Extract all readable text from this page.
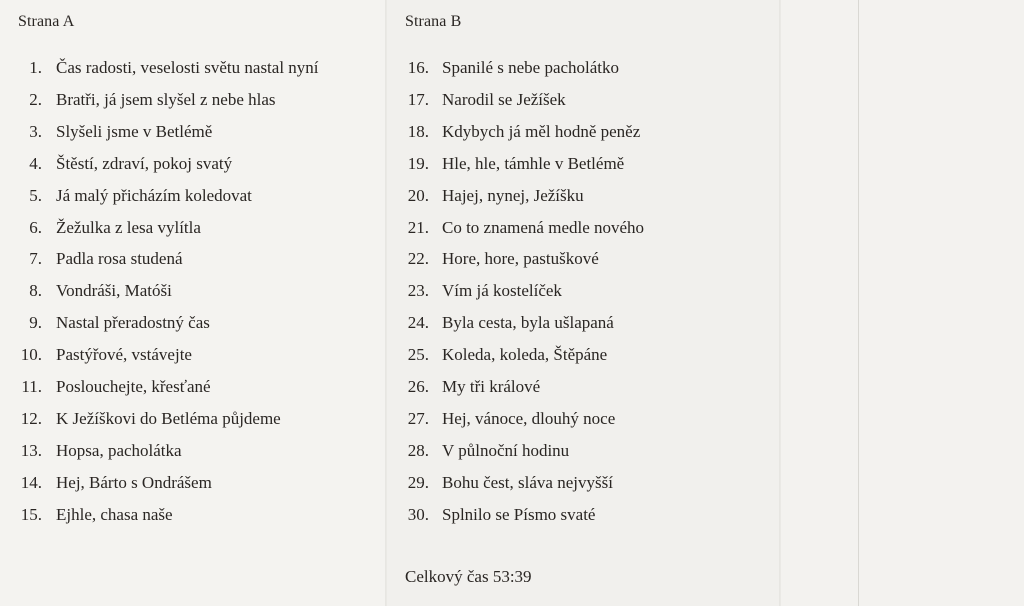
Strana A
1. Čas radosti, veselosti světu nastal nyní
2. Bratři, já jsem slyšel z nebe hlas
3. Slyšeli jsme v Betlémě
4. Štěstí, zdraví, pokoj svatý
5. Já malý přicházím koledovat
6. Žežulka z lesa vylítla
7. Padla rosa studená
8. Vondráši, Matóši
9. Nastal přeradostný čas
10. Pastýřové, vstávejte
11. Poslouchejte, křesťané
12. K Ježíškovi do Betléma půjdeme
13. Hopsa, pacholátka
14. Hej, Bárto s Ondrášem
15. Ejhle, chasa naše
Strana B
16. Spanilé s nebe pacholátko
17. Narodil se Ježíšek
18. Kdybych já měl hodně peněz
19. Hle, hle, támhle v Betlémě
20. Hajej, nynej, Ježíšku
21. Co to znamená medle nového
22. Hore, hore, pastuškové
23. Vím já kostelíček
24. Byla cesta, byla ušlapaná
25. Koleda, koleda, Štěpáne
26. My tři králové
27. Hej, vánoce, dlouhý noce
28. V půlnoční hodinu
29. Bohu čest, sláva nejvyšší
30. Splnilo se Písmo svaté
Celkový čas 53:39
